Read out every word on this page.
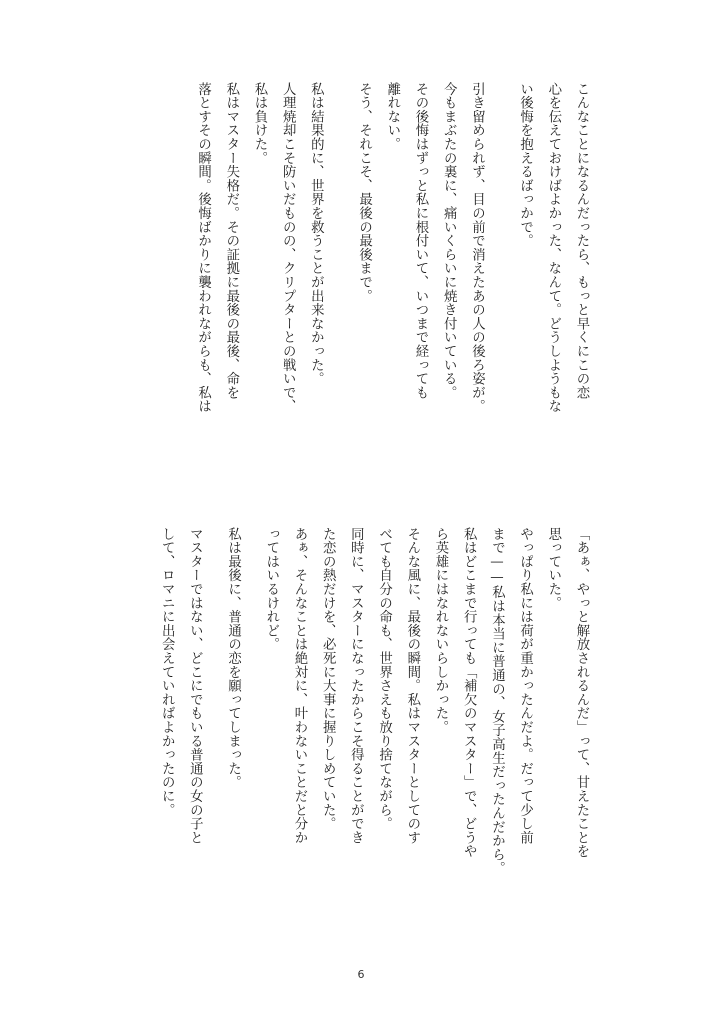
こんなことになるんだったら、もっと早くにこの恋

心を伝えておけばよかった、なんて。どうしようもな

い後悔を抱えるばっかで。

引き留められず、目の前で消えたあの人の後ろ姿が。

今もまぶたの裏に、痛いくらいに焼き付いている。

その後悔はずっと私に根付いて、いつまで経っても

離れない。

そう、それこそ、最後の最後まで。

私は結果的に、世界を救うことが出来なかった。

人理焼却こそ防いだものの、クリプターとの戦いで、

私は負けた。

私はマスター失格だ。その証拠に最後の最後、命を

落とすその瞬間。後悔ばかりに襲われながらも、私は

「あぁ、やっと解放されるんだ」って、甘えたことを

思っていた。

やっぱり私には荷が重かったんだよ。だって少し前

まで——私は本当に普通の、女子高生だったんだから。

私はどこまで行っても「補欠のマスター」で、どうや

ら英雄にはなれないらしかった。

そんな風に、最後の瞬間。私はマスターとしてのす

べても自分の命も、世界さえも放り捨てながら。

同時に、マスターになったからこそ得ることができ

た恋の熱だけを、必死に大事に握りしめていた。

あぁ、そんなことは絶対に、叶わないことだと分か

ってはいるけれど。

私は最後に、普通の恋を願ってしまった。

マスターではない、どこにでもいる普通の女の子と

して、ロマニに出会えていればよかったのに。

6
